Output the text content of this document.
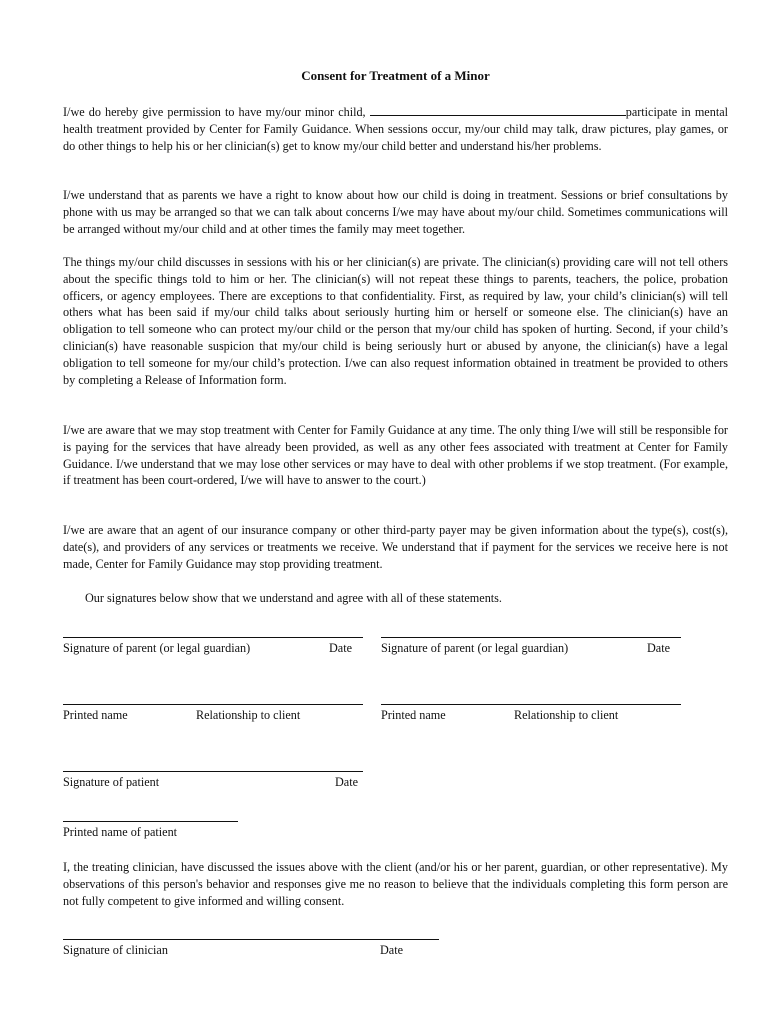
Consent for Treatment of a Minor
I/we do hereby give permission to have my/our minor child,	participate in mental health treatment provided by Center for Family Guidance. When sessions occur, my/our child may talk, draw pictures, play games, or do other things to help his or her clinician(s) get to know my/our child better and understand his/her problems.
I/we understand that as parents we have a right to know about how our child is doing in treatment. Sessions or brief consultations by phone with us may be arranged so that we can talk about concerns I/we may have about my/our child. Sometimes communications will be arranged without my/our child and at other times the family may meet together.
The things my/our child discusses in sessions with his or her clinician(s) are private. The clinician(s) providing care will not tell others about the specific things told to him or her. The clinician(s) will not repeat these things to parents, teachers, the police, probation officers, or agency employees. There are exceptions to that confidentiality. First, as required by law, your child’s clinician(s) will tell others what has been said if my/our child talks about seriously hurting him or herself or someone else. The clinician(s) have an obligation to tell someone who can protect my/our child or the person that my/our child has spoken of hurting. Second, if your child’s clinician(s) have reasonable suspicion that my/our child is being seriously hurt or abused by anyone, the clinician(s) have a legal obligation to tell someone for my/our child’s protection. I/we can also request information obtained in treatment be provided to others by completing a Release of Information form.
I/we are aware that we may stop treatment with Center for Family Guidance at any time. The only thing I/we will still be responsible for is paying for the services that have already been provided, as well as any other fees associated with treatment at Center for Family Guidance. I/we understand that we may lose other services or may have to deal with other problems if we stop treatment. (For example, if treatment has been court-ordered, I/we will have to answer to the court.)
I/we are aware that an agent of our insurance company or other third-party payer may be given information about the type(s), cost(s), date(s), and providers of any services or treatments we receive. We understand that if payment for the services we receive here is not made, Center for Family Guidance may stop providing treatment.
Our signatures below show that we understand and agree with all of these statements.
Signature of parent (or legal guardian)	Date Signature of parent (or legal guardian)	Date
Printed name	Relationship to client	Printed name	Relationship to client
Signature of patient	Date
Printed name of patient
I, the treating clinician, have discussed the issues above with the client (and/or his or her parent, guardian, or other representative). My observations of this person's behavior and responses give me no reason to believe that the individuals completing this form person are not fully competent to give informed and willing consent.
Signature of clinician	Date
